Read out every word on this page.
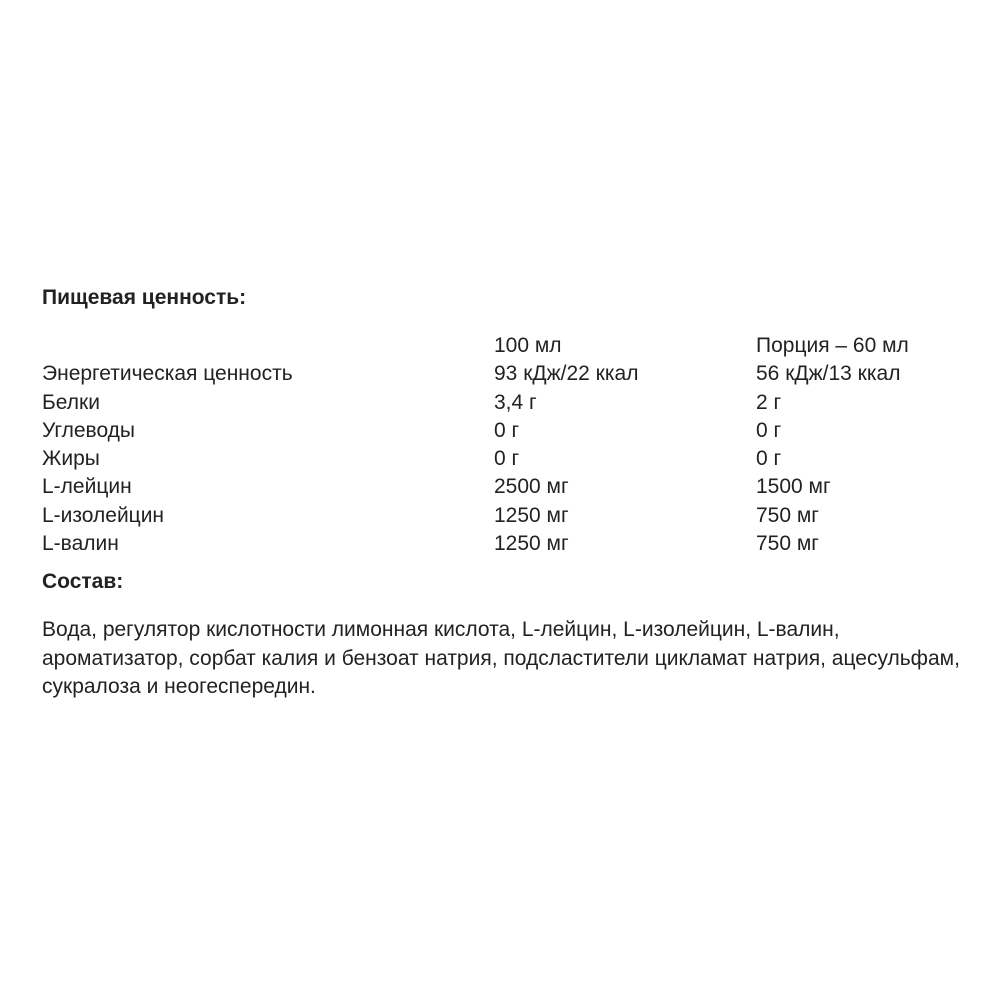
Пищевая ценность:
	100 мл	Порция – 60 мл
Энергетическая ценность	93 кДж/22 ккал	56 кДж/13 ккал
Белки	3,4 г	2 г
Углеводы	0 г	0 г
Жиры	0 г	0 г
L-лейцин	2500 мг	1500 мг
L-изолейцин	1250 мг	750 мг
L-валин	1250 мг	750 мг
Состав:

Вода, регулятор кислотности лимонная кислота, L-лейцин, L-изолейцин, L-валин, ароматизатор, сорбат калия и бензоат натрия, подсластители цикламат натрия, ацесульфам, сукралоза и неогеспередин.
